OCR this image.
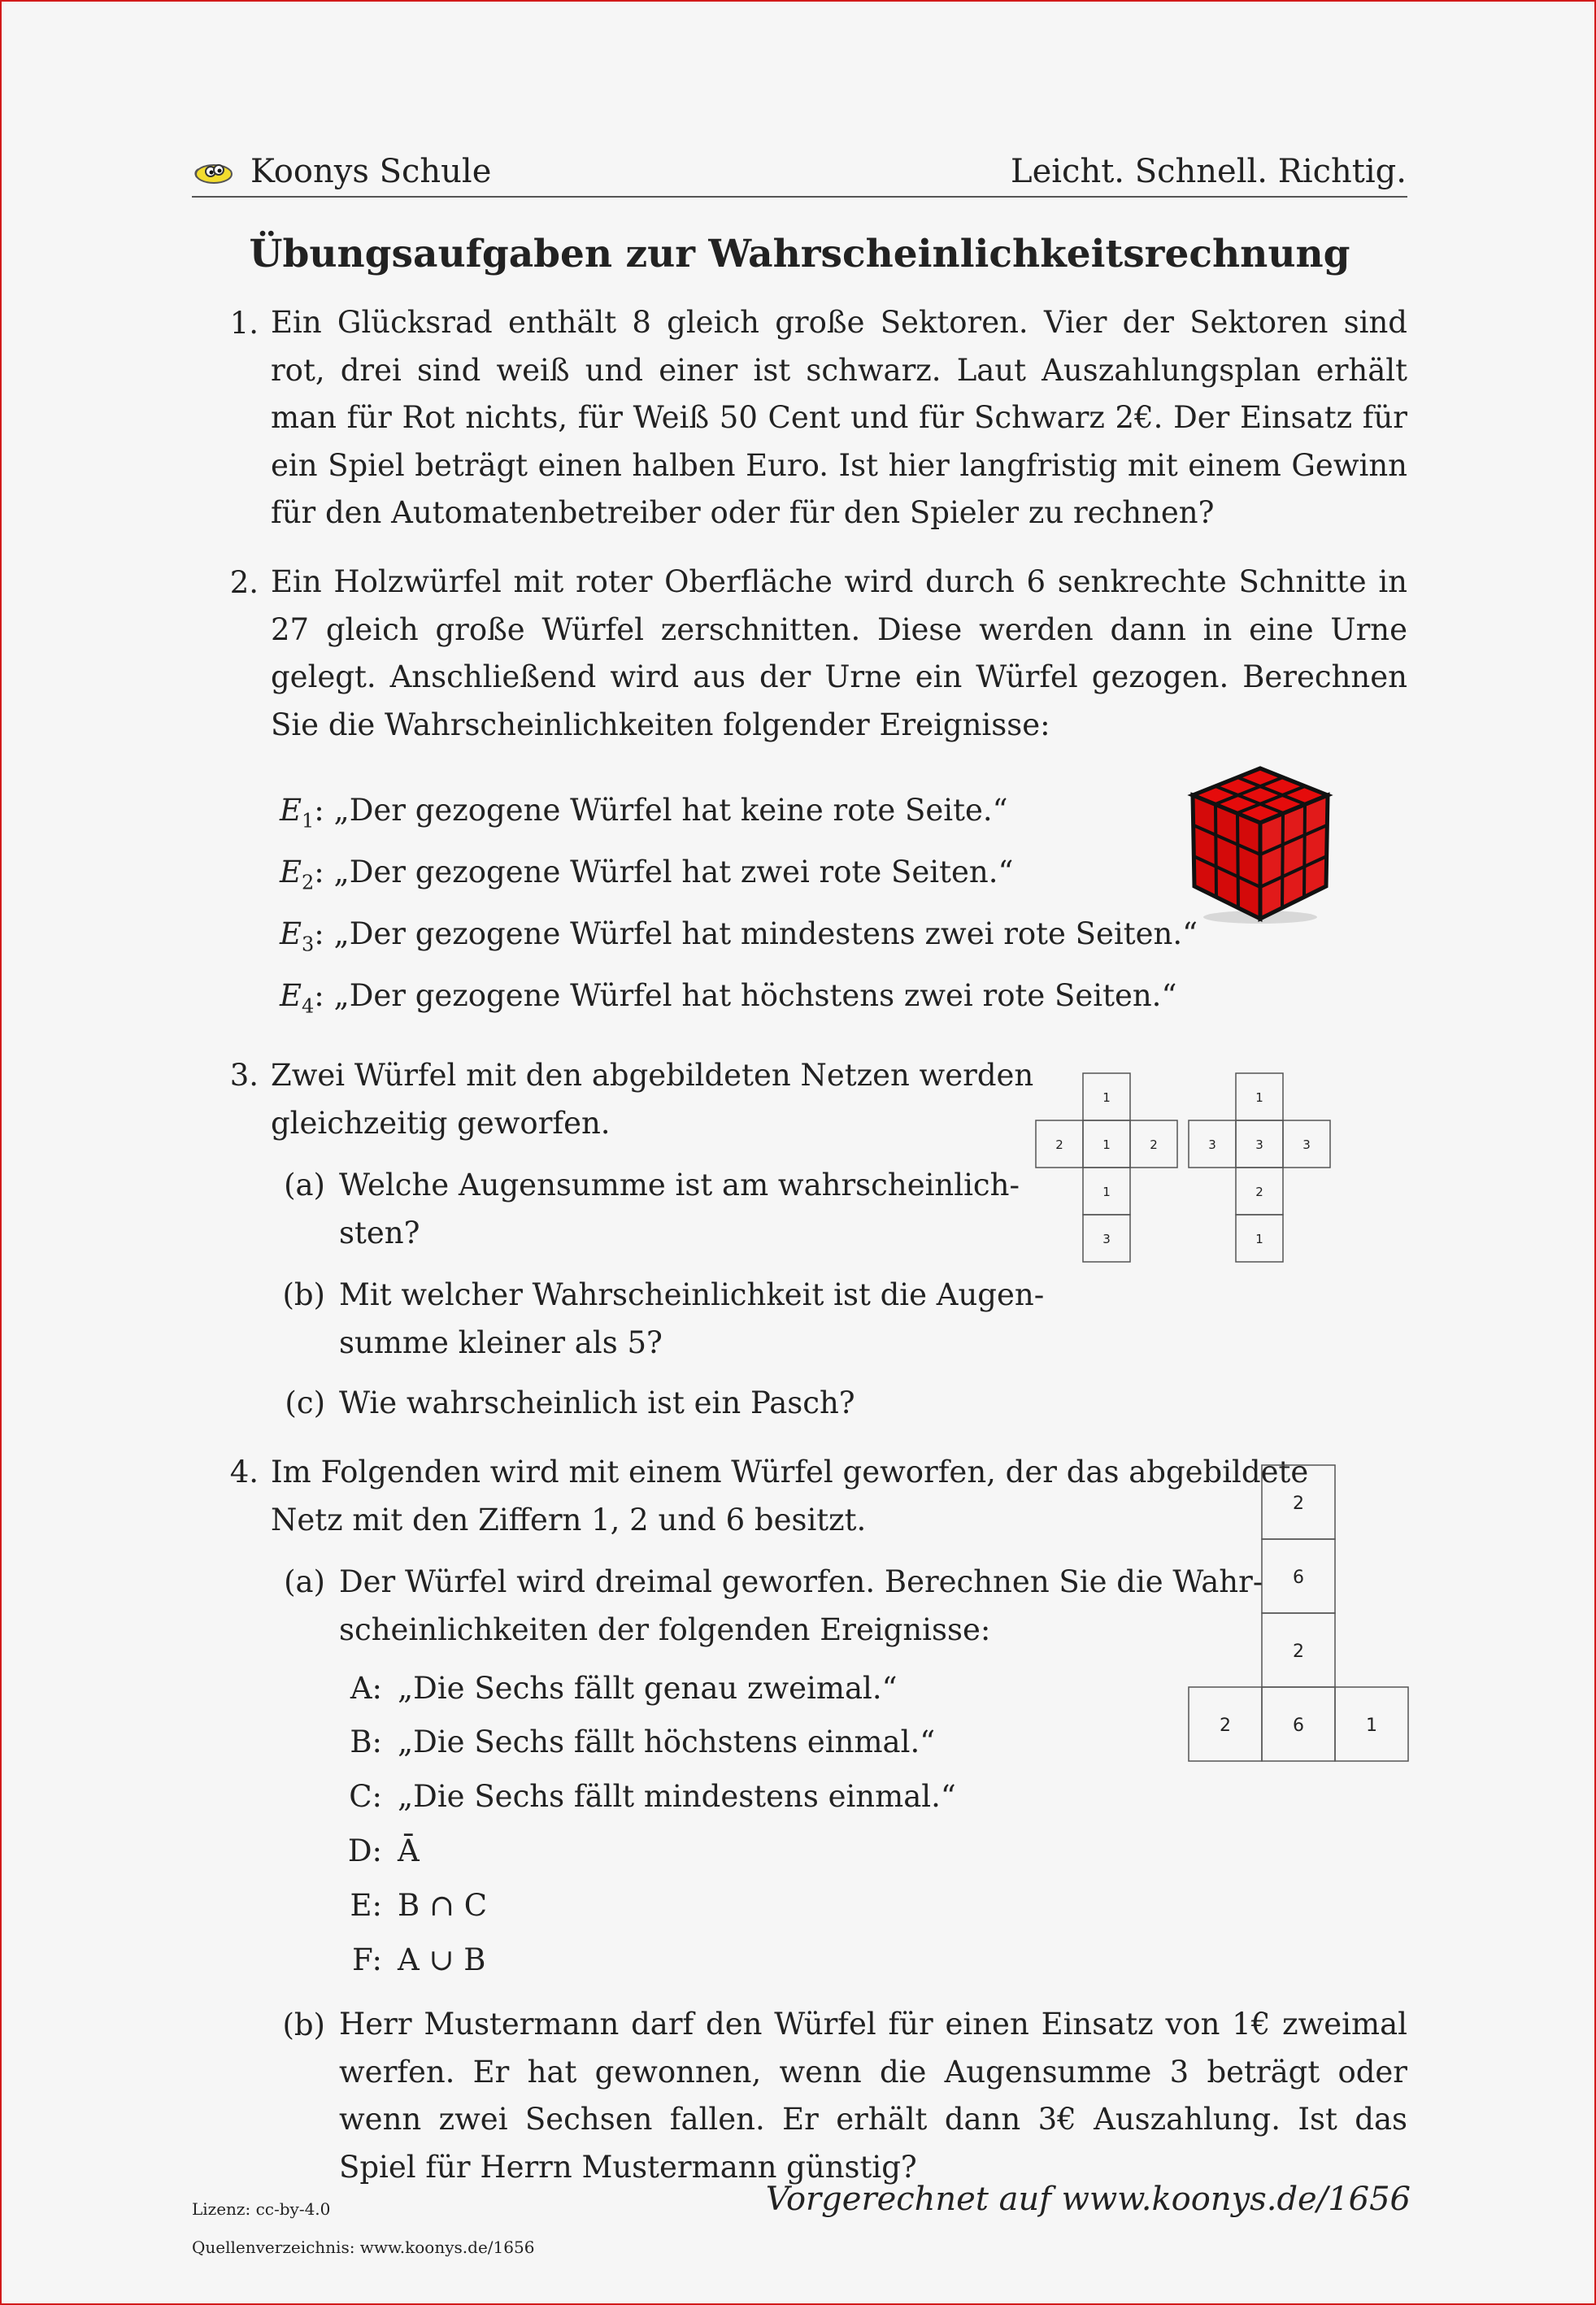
Koonys Schule	Leicht. Schnell. Richtig.
Übungsaufgaben zur Wahrscheinlichkeitsrechnung
1. Ein Glücksrad enthält 8 gleich große Sektoren. Vier der Sektoren sind rot, drei sind weiß und einer ist schwarz. Laut Auszahlungsplan erhält man für Rot nichts, für Weiß 50 Cent und für Schwarz 2€. Der Einsatz für ein Spiel beträgt einen halben Euro. Ist hier langfristig mit einem Gewinn für den Automatenbetreiber oder für den Spieler zu rechnen?
2. Ein Holzwürfel mit roter Oberfläche wird durch 6 senkrechte Schnitte in 27 gleich große Würfel zerschnitten. Diese werden dann in eine Urne gelegt. Anschließend wird aus der Urne ein Würfel gezogen. Berechnen Sie die Wahrscheinlichkeiten folgender Ereignisse:
$E_1$: „Der gezogene Würfel hat keine rote Seite.“
$E_2$: „Der gezogene Würfel hat zwei rote Seiten.“
$E_3$: „Der gezogene Würfel hat mindestens zwei rote Seiten.“
$E_4$: „Der gezogene Würfel hat höchstens zwei rote Seiten.“
3. Zwei Würfel mit den abgebildeten Netzen werden
gleichzeitig geworfen.
(a) Welche Augensumme ist am wahrscheinlich-
sten?
(b) Mit welcher Wahrscheinlichkeit ist die Augen-
summe kleiner als 5?
(c) Wie wahrscheinlich ist ein Pasch?
1
2	1	2
1
3
1
3	3	3
2
1
4. Im Folgenden wird mit einem Würfel geworfen, der das abgebildete
Netz mit den Ziffern 1, 2 und 6 besitzt.
(a) Der Würfel wird dreimal geworfen. Berechnen Sie die Wahr-
scheinlichkeiten der folgenden Ereignisse:
A: „Die Sechs fällt genau zweimal.“
B: „Die Sechs fällt höchstens einmal.“
C: „Die Sechs fällt mindestens einmal.“
D: Ā
E: B ∩ C
F: A ∪ B
(b) Herr Mustermann darf den Würfel für einen Einsatz von 1€ zweimal werfen. Er hat gewonnen, wenn die Augensumme 3 beträgt oder wenn zwei Sechsen fallen. Er erhält dann 3€ Auszahlung. Ist das Spiel für Herrn Mustermann günstig?
2
6
2
2	6	1
Lizenz: cc-by-4.0
Quellenverzeichnis: www.koonys.de/1656
Vorgerechnet auf www.koonys.de/1656
